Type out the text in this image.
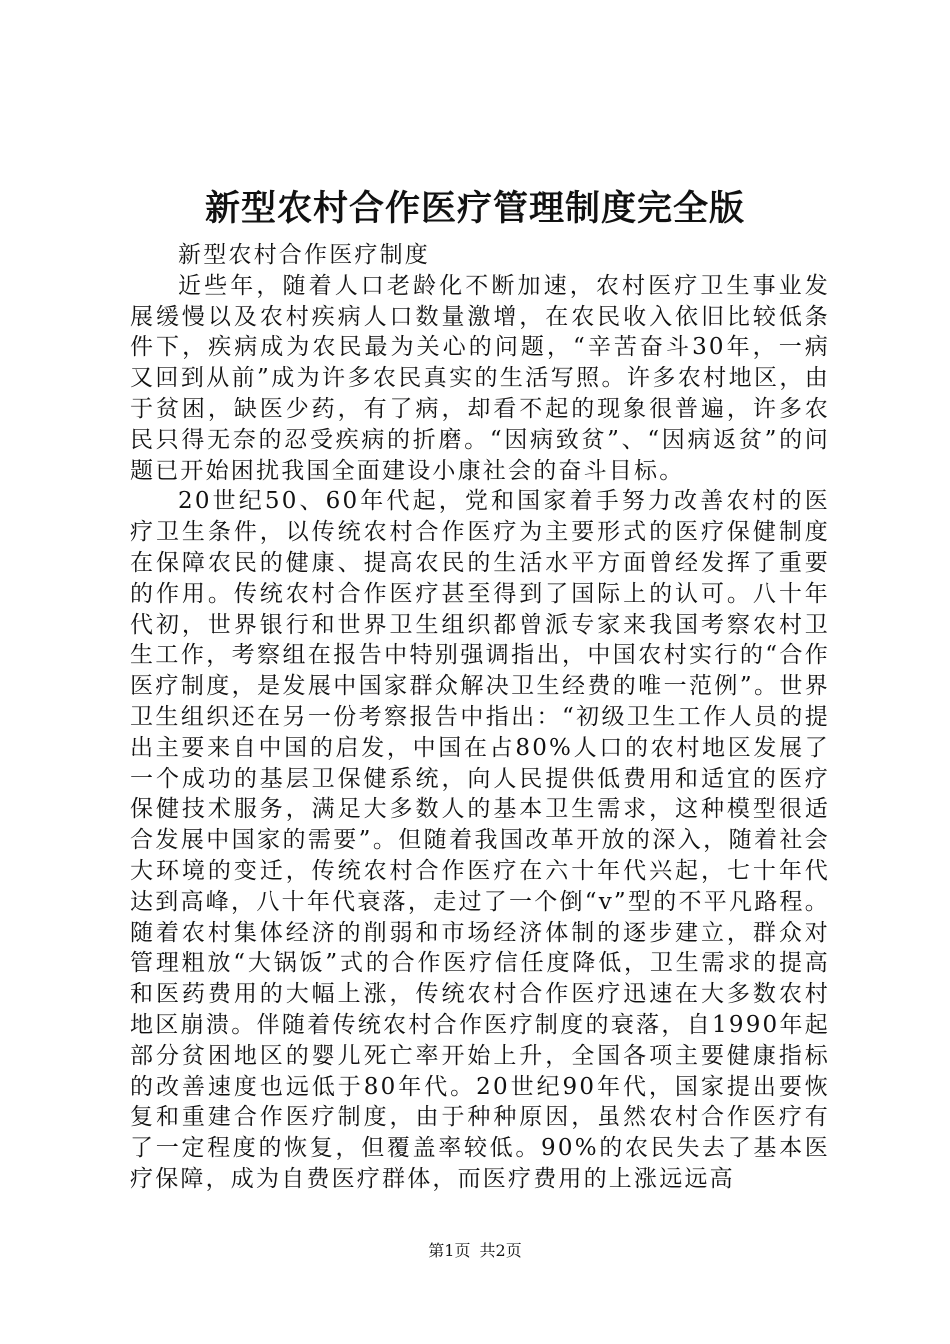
新型农村合作医疗管理制度完全版

新型农村合作医疗制度

近些年，随着人口老龄化不断加速，农村医疗卫生事业发展缓慢以及农村疾病人口数量激增，在农民收入依旧比较低条件下，疾病成为农民最为关心的问题，“辛苦奋斗30年，一病又回到从前”成为许多农民真实的生活写照。许多农村地区，由于贫困，缺医少药，有了病，却看不起的现象很普遍，许多农民只得无奈的忍受疾病的折磨。“因病致贫”、“因病返贫”的问题已开始困扰我国全面建设小康社会的奋斗目标。

20世纪50、60年代起，党和国家着手努力改善农村的医疗卫生条件，以传统农村合作医疗为主要形式的医疗保健制度在保障农民的健康、提高农民的生活水平方面曾经发挥了重要的作用。传统农村合作医疗甚至得到了国际上的认可。八十年代初，世界银行和世界卫生组织都曾派专家来我国考察农村卫生工作，考察组在报告中特别强调指出，中国农村实行的“合作医疗制度，是发展中国家群众解决卫生经费的唯一范例”。世界卫生组织还在另一份考察报告中指出：“初级卫生工作人员的提出主要来自中国的启发，中国在占80%人口的农村地区发展了一个成功的基层卫保健系统，向人民提供低费用和适宜的医疗保健技术服务，满足大多数人的基本卫生需求，这种模型很适合发展中国家的需要”。但随着我国改革开放的深入，随着社会大环境的变迁，传统农村合作医疗在六十年代兴起，七十年代达到高峰，八十年代衰落，走过了一个倒“v”型的不平凡路程。随着农村集体经济的削弱和市场经济体制的逐步建立，群众对管理粗放“大锅饭”式的合作医疗信任度降低，卫生需求的提高和医药费用的大幅上涨，传统农村合作医疗迅速在大多数农村地区崩溃。伴随着传统农村合作医疗制度的衰落，自1990年起部分贫困地区的婴儿死亡率开始上升，全国各项主要健康指标的改善速度也远低于80年代。20世纪90年代，国家提出要恢复和重建合作医疗制度，由于种种原因，虽然农村合作医疗有了一定程度的恢复，但覆盖率较低。90%的农民失去了基本医疗保障，成为自费医疗群体，而医疗费用的上涨远远高

第1页 共2页
